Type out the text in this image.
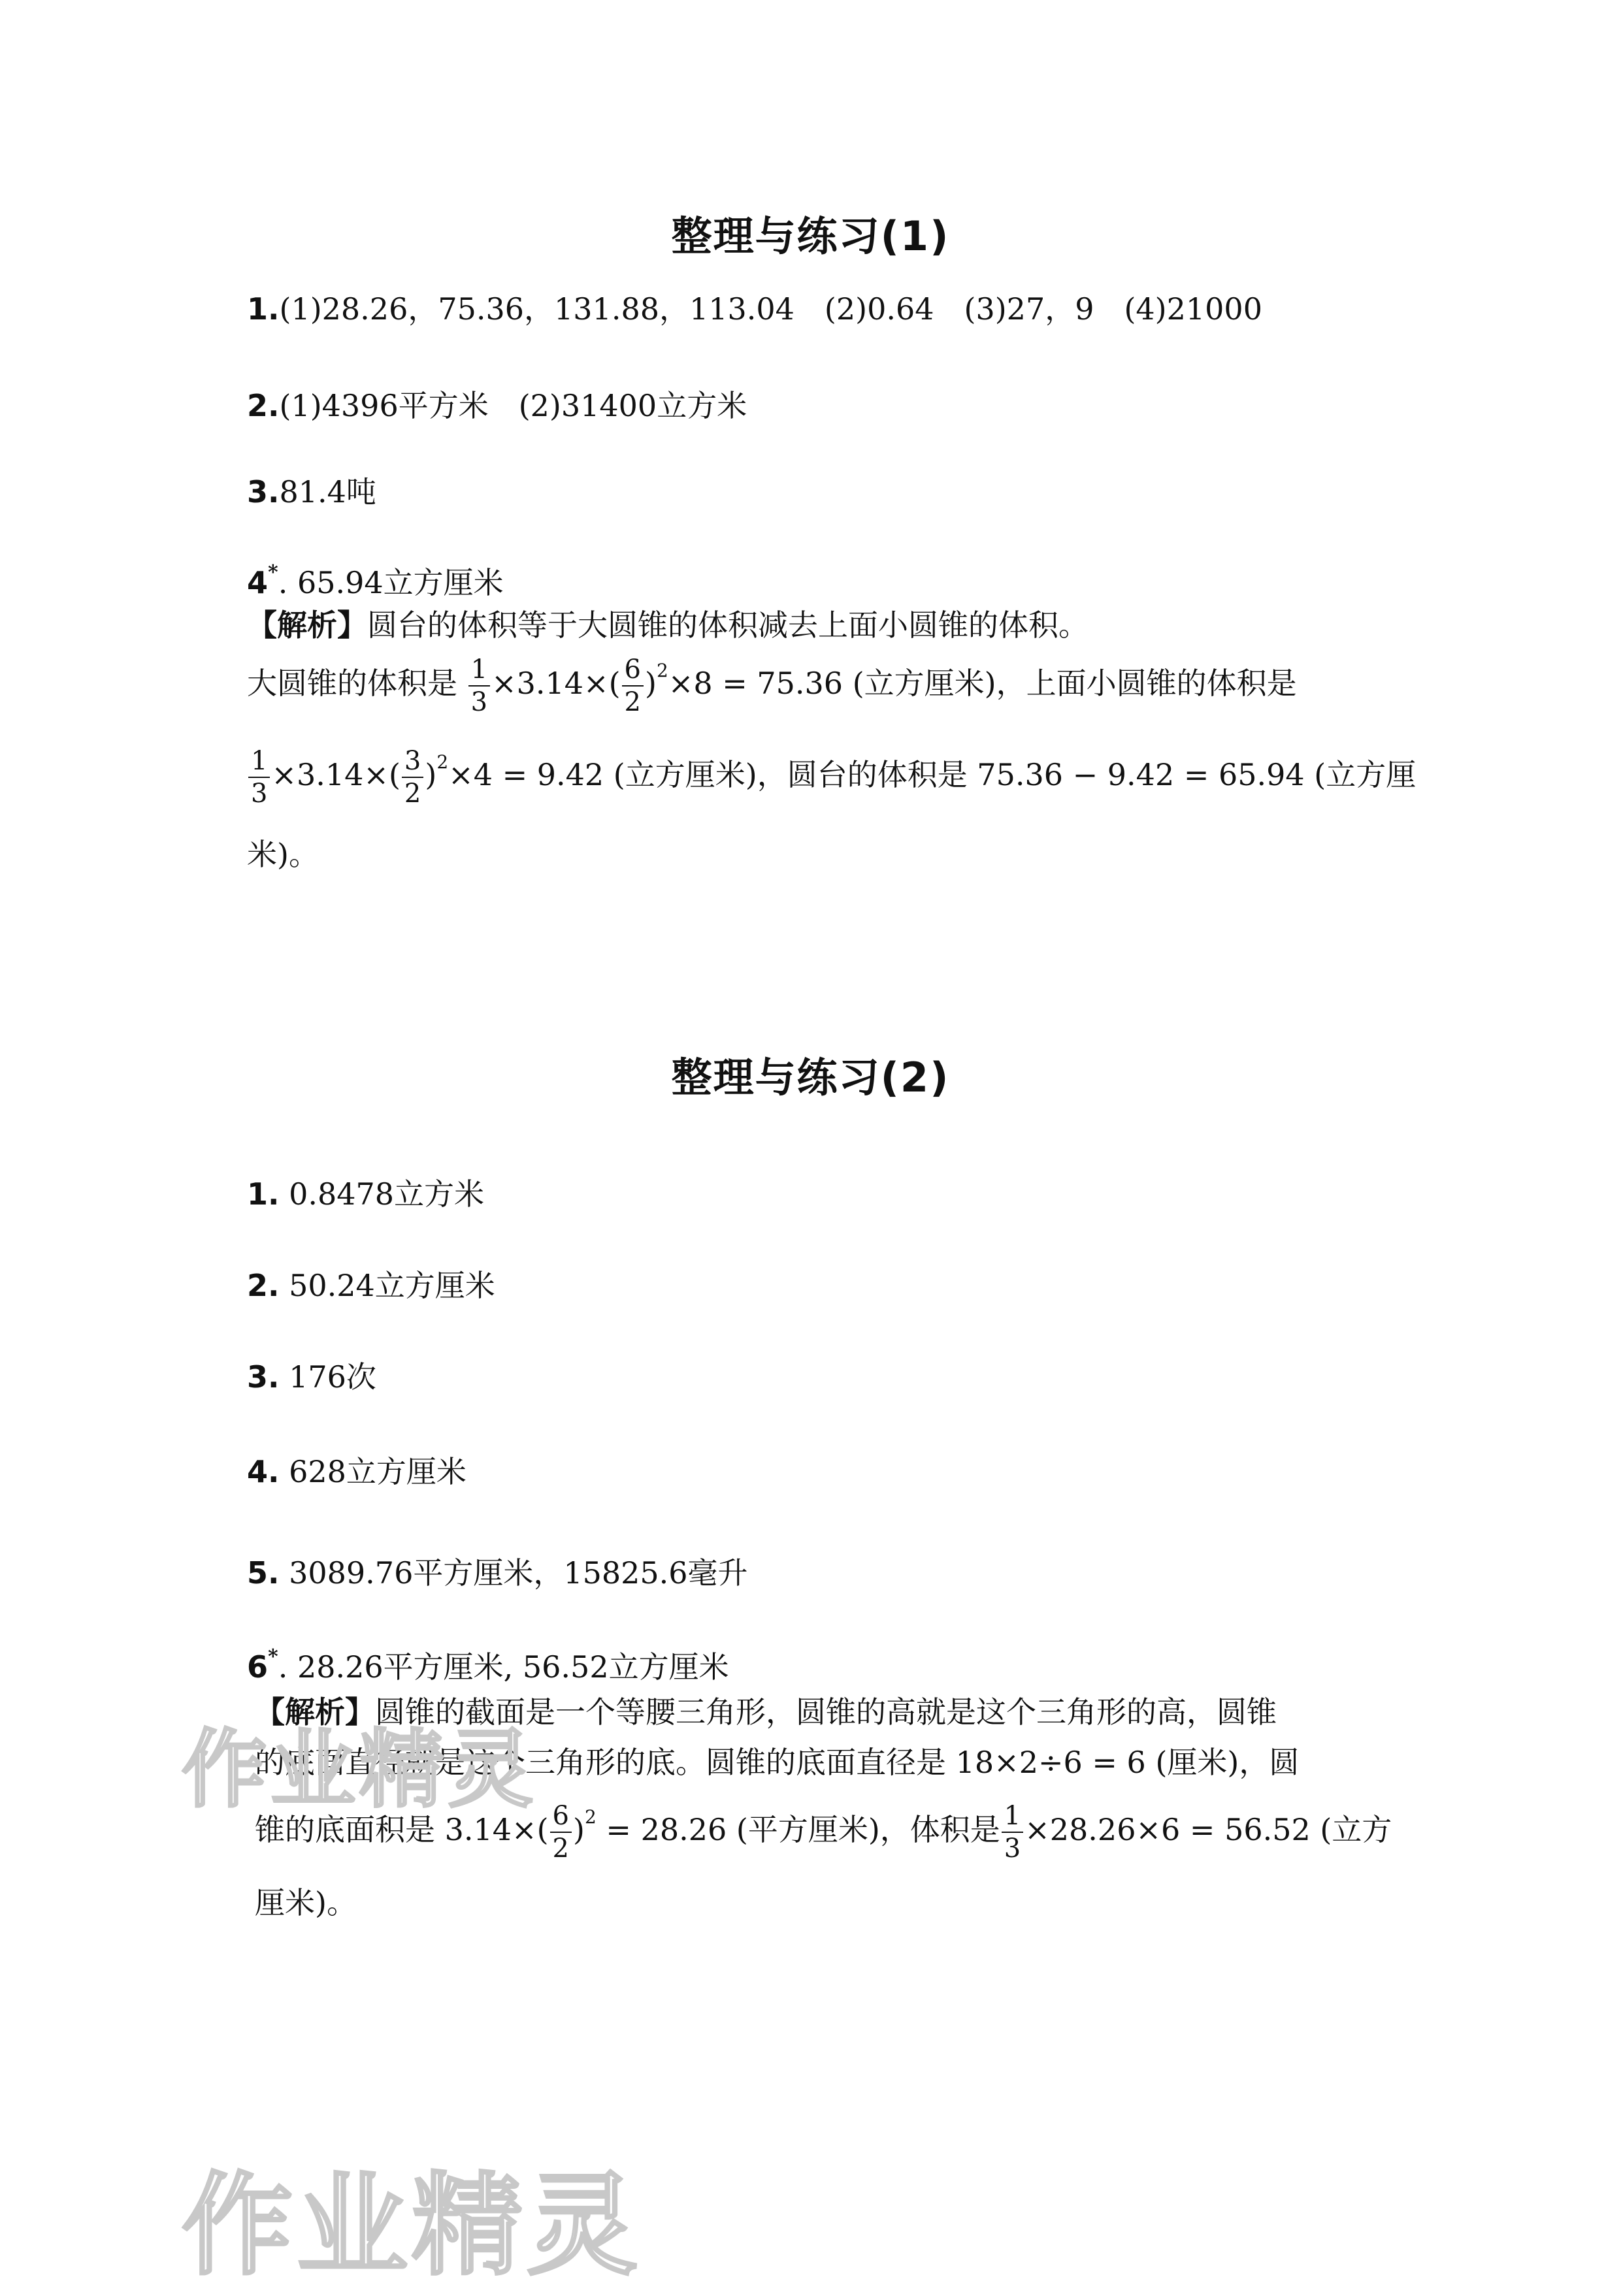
整理与练习(1)
1.(1)28.26，75.36，131.88，113.04　(2)0.64　(3)27，9　(4)21000
2.(1)4396平方米　(2)31400立方米
3.81.4吨
4*. 65.94立方厘米
【解析】圆台的体积等于大圆锥的体积减去上面小圆锥的体积。
大圆锥的体积是 $\frac{1}{3} \times 3.14\times( \frac{6}{2} )^2\times 8 = 75.36$ (立方厘米)，上面小圆锥的体积是
$\frac{1}{3} \times 3.14\times( \frac{3}{2} )^2\times 4 = 9.42$ (立方厘米)，圆台的体积是 75.36 − 9.42 = 65.94 (立方厘
米)。
整理与练习(2)
1. 0.8478立方米
2. 50.24立方厘米
3. 176次
4. 628立方厘米
5. 3089.76平方厘米，15825.6毫升
6*. 28.26平方厘米, 56.52立方厘米
【解析】圆锥的截面是一个等腰三角形，圆锥的高就是这个三角形的高，圆锥
的底面直径就是这个三角形的底。圆锥的底面直径是 18×2÷6 = 6 (厘米)，圆
锥的底面积是 $3.14\times( \frac{6}{2} )^2 = 28.26$ (平方厘米)，体积是 $\frac{1}{3} \times 28.26\times 6 = 56.52$ (立方
厘米)。
作业精灵
作业精灵
